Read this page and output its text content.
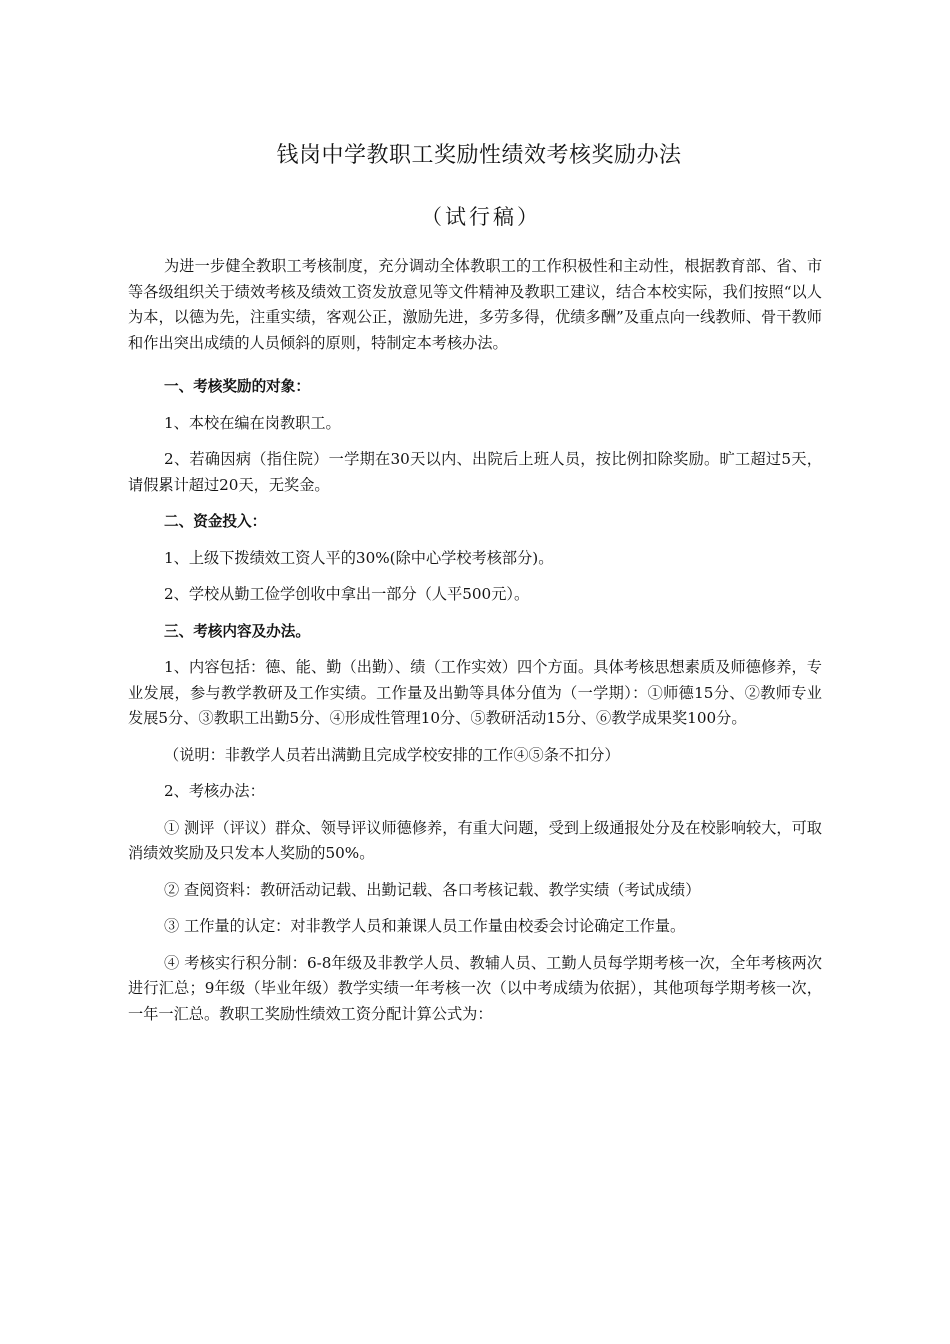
钱岗中学教职工奖励性绩效考核奖励办法
（试行稿）

为进一步健全教职工考核制度，充分调动全体教职工的工作积极性和主动性，根据教育部、省、市等各级组织关于绩效考核及绩效工资发放意见等文件精神及教职工建议，结合本校实际，我们按照“以人为本，以德为先，注重实绩，客观公正，激励先进，多劳多得，优绩多酬”及重点向一线教师、骨干教师和作出突出成绩的人员倾斜的原则，特制定本考核办法。

一、考核奖励的对象：

1、本校在编在岗教职工。

2、若确因病（指住院）一学期在30天以内、出院后上班人员，按比例扣除奖励。旷工超过5天，请假累计超过20天，无奖金。

二、资金投入：

1、上级下拨绩效工资人平的30%(除中心学校考核部分)。

2、学校从勤工俭学创收中拿出一部分（人平500元）。

三、考核内容及办法。

1、内容包括：德、能、勤（出勤）、绩（工作实效）四个方面。具体考核思想素质及师德修养，专业发展，参与教学教研及工作实绩。工作量及出勤等具体分值为（一学期）：①师德15分、②教师专业发展5分、③教职工出勤5分、④形成性管理10分、⑤教研活动15分、⑥教学成果奖100分。

（说明：非教学人员若出满勤且完成学校安排的工作④⑤条不扣分）

2、考核办法：

① 测评（评议）群众、领导评议师德修养，有重大问题，受到上级通报处分及在校影响较大，可取消绩效奖励及只发本人奖励的50%。

② 查阅资料：教研活动记载、出勤记载、各口考核记载、教学实绩（考试成绩）

③ 工作量的认定：对非教学人员和兼课人员工作量由校委会讨论确定工作量。

④ 考核实行积分制：6-8年级及非教学人员、教辅人员、工勤人员每学期考核一次，全年考核两次进行汇总；9年级（毕业年级）教学实绩一年考核一次（以中考成绩为依据），其他项每学期考核一次，一年一汇总。教职工奖励性绩效工资分配计算公式为：
